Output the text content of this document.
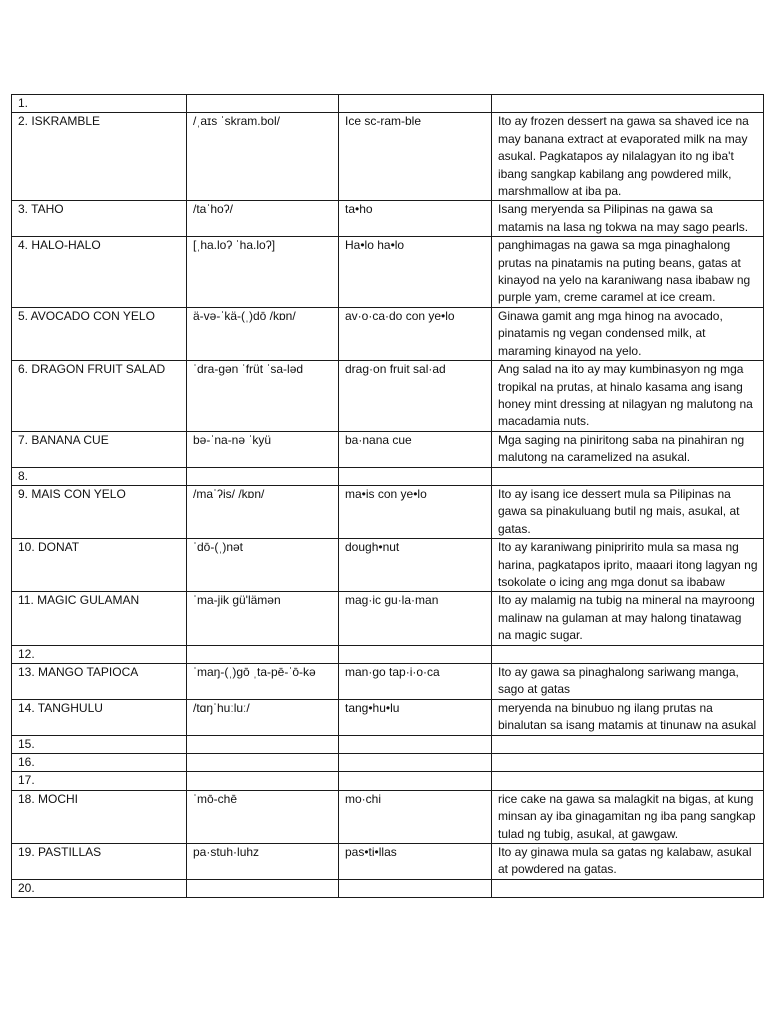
1.			
2. ISKRAMBLE	/ˌaɪs ˈskram.bol/	Ice sc-ram-ble	Ito ay frozen dessert na gawa sa shaved ice na may banana extract at evaporated milk na may asukal. Pagkatapos ay nilalagyan ito ng iba't ibang sangkap kabilang ang powdered milk, marshmallow at iba pa.
3. TAHO	/taˈhoʔ/	ta•ho	Isang meryenda sa Pilipinas na gawa sa matamis na lasa ng tokwa na may sago pearls.
4. HALO-HALO	[ˌha.loʔ ˈha.loʔ]	Ha•lo ha•lo	panghimagas na gawa sa mga pinaghalong prutas na pinatamis na puting beans, gatas at kinayod na yelo na karaniwang nasa ibabaw ng purple yam, creme caramel at ice cream.
5. AVOCADO CON YELO	ä-və-ˈkä-(ˌ)dō /kɒn/	av·o·ca·do con ye•lo	Ginawa gamit ang mga hinog na avocado, pinatamis ng vegan condensed milk, at maraming kinayod na yelo.
6. DRAGON FRUIT SALAD	ˈdra-gən ˈfrüt ˈsa-ləd	drag·on fruit sal·ad	Ang salad na ito ay may kumbinasyon ng mga tropikal na prutas, at hinalo kasama ang isang honey mint dressing at nilagyan ng malutong na macadamia nuts.
7. BANANA CUE	bə-ˈna-nə ˈkyü	ba·nana cue	Mga saging na piniritong saba na pinahiran ng malutong na caramelized na asukal.
8.			
9. MAIS CON YELO	/maˈʔis/ /kɒn/	ma•is con ye•lo	Ito ay isang ice dessert mula sa Pilipinas na gawa sa pinakuluang butil ng mais, asukal, at gatas.
10. DONAT	ˈdō-(ˌ)nət	dough•nut	Ito ay karaniwang pinipririto mula sa masa ng harina, pagkatapos iprito, maaari itong lagyan ng tsokolate o icing ang mga donut sa ibabaw
11. MAGIC GULAMAN	ˈma-jik gü'lämən	mag·ic gu·la·man	Ito ay malamig na tubig na mineral na mayroong malinaw na gulaman at may halong tinatawag na magic sugar.
12.			
13. MANGO TAPIOCA	ˈmaŋ-(ˌ)gō ˌta-pē-ˈō-kə	man·go tap·i·o·ca	Ito ay gawa sa pinaghalong sariwang manga, sago at gatas
14. TANGHULU	/tɑŋˈhuːluː/	tang•hu•lu	meryenda na binubuo ng ilang prutas na binalutan sa isang matamis at tinunaw na asukal
15.			
16.			
17.			
18. MOCHI	ˈmō-chē	mo·chi	rice cake na gawa sa malagkit na bigas, at kung minsan ay iba ginagamitan ng iba pang sangkap tulad ng tubig, asukal, at gawgaw.
19. PASTILLAS	pa·stuh·luhz	pas•ti•llas	Ito ay ginawa mula sa gatas ng kalabaw, asukal at powdered na gatas.
20.			
